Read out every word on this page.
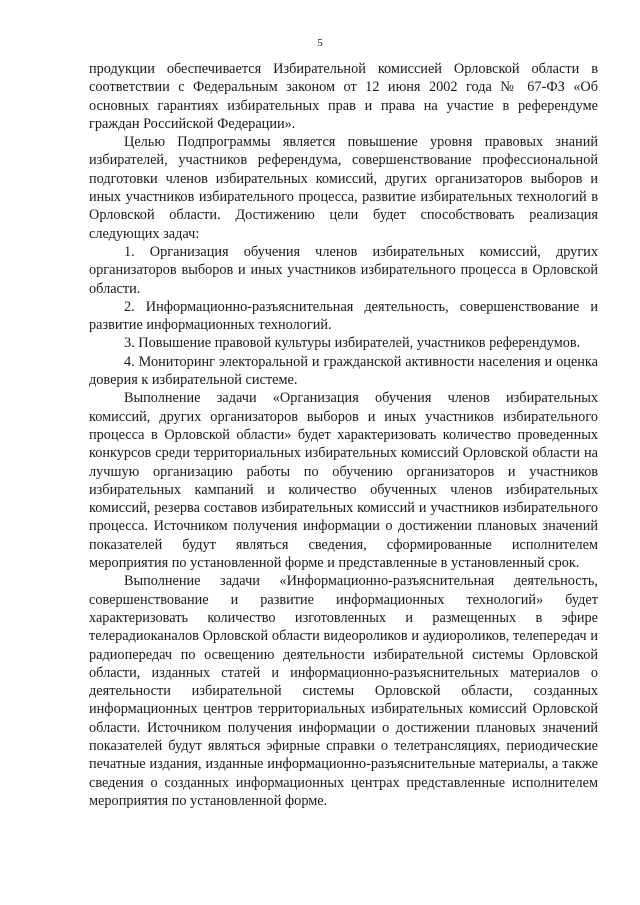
5

продукции обеспечивается Избирательной комиссией Орловской области в соответствии с Федеральным законом от 12 июня 2002 года № 67-ФЗ «Об основных гарантиях избирательных прав и права на участие в референдуме граждан Российской Федерации».

Целью Подпрограммы является повышение уровня правовых знаний избирателей, участников референдума, совершенствование профессиональной подготовки членов избирательных комиссий, других организаторов выборов и иных участников избирательного процесса, развитие избирательных технологий в Орловской области. Достижению цели будет способствовать реализация следующих задач:

1. Организация обучения членов избирательных комиссий, других организаторов выборов и иных участников избирательного процесса в Орловской области.

2. Информационно-разъяснительная деятельность, совершенствование и развитие информационных технологий.

3. Повышение правовой культуры избирателей, участников референдумов.

4. Мониторинг электоральной и гражданской активности населения и оценка доверия к избирательной системе.

Выполнение задачи «Организация обучения членов избирательных комиссий, других организаторов выборов и иных участников избирательного процесса в Орловской области» будет характеризовать количество проведенных конкурсов среди территориальных избирательных комиссий Орловской области на лучшую организацию работы по обучению организаторов и участников избирательных кампаний и количество обученных членов избирательных комиссий, резерва составов избирательных комиссий и участников избирательного процесса. Источником получения информации о достижении плановых значений показателей будут являться сведения, сформированные исполнителем мероприятия по установленной форме и представленные в установленный срок.

Выполнение задачи «Информационно-разъяснительная деятельность, совершенствование и развитие информационных технологий» будет характеризовать количество изготовленных и размещенных в эфире телерадиоканалов Орловской области видеороликов и аудиороликов, телепередач и радиопередач по освещению деятельности избирательной системы Орловской области, изданных статей и информационно-разъяснительных материалов о деятельности избирательной системы Орловской области, созданных информационных центров территориальных избирательных комиссий Орловской области. Источником получения информации о достижении плановых значений показателей будут являться эфирные справки о телетрансляциях, периодические печатные издания, изданные информационно-разъяснительные материалы, а также сведения о созданных информационных центрах представленные исполнителем мероприятия по установленной форме.
